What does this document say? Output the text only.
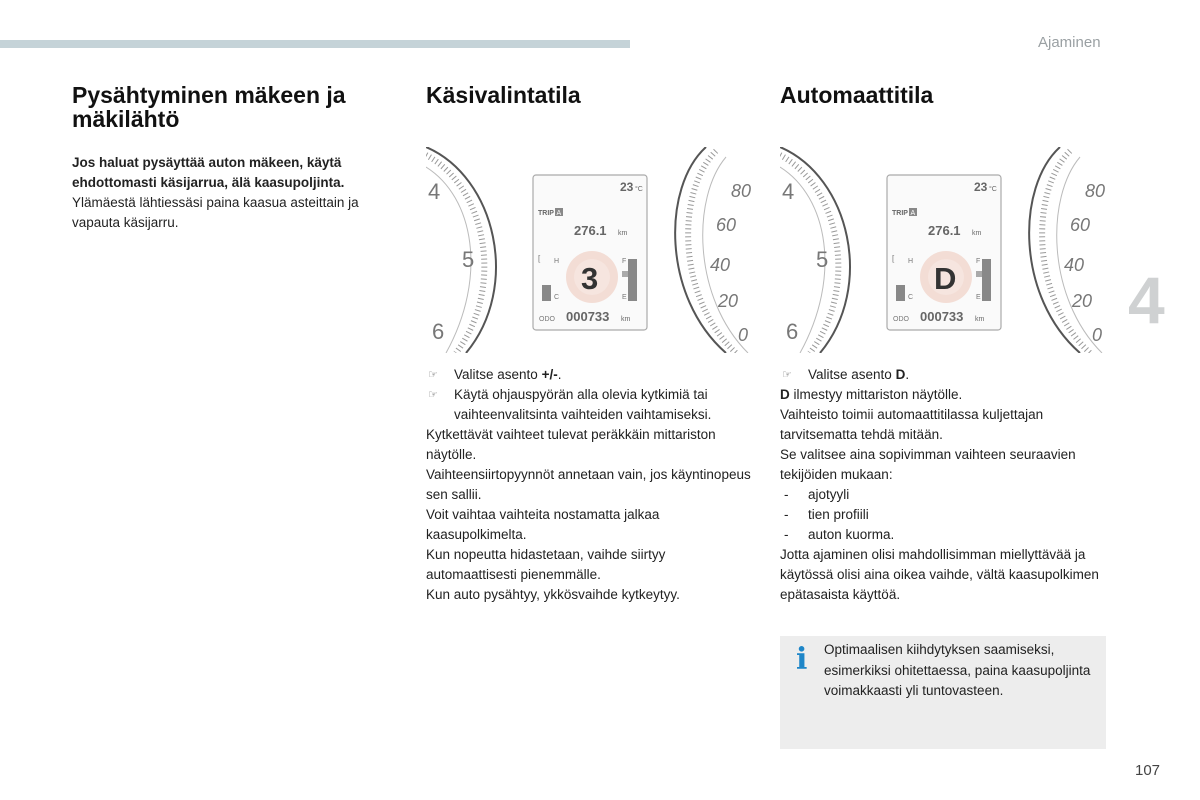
Ajaminen
4
107
Pysähtyminen mäkeen ja mäkilähtö

Jos haluat pysäyttää auton mäkeen, käytä ehdottomasti käsijarrua, älä kaasupoljinta.

Ylämäestä lähtiessäsi paina kaasua asteittain ja vapauta käsijarru.

Käsivalintatila
4
5
6
80
60
40
20
0
23 °C
TRIP A
276.1 km
3
[ H
C
F
E
ODO 000733 km
☞ Valitse asento +/-.
☞ Käytä ohjauspyörän alla olevia kytkimiä tai vaihteenvalitsinta vaihteiden vaihtamiseksi.

Kytkettävät vaihteet tulevat peräkkäin mittariston näytölle.

Vaihteensiirtopyynnöt annetaan vain, jos käyntinopeus sen sallii.

Voit vaihtaa vaihteita nostamatta jalkaa kaasupolkimelta.

Kun nopeutta hidastetaan, vaihde siirtyy automaattisesti pienemmälle.

Kun auto pysähtyy, ykkösvaihde kytkeytyy.

Automaattitila
4
5
6
80
60
40
20
0
23 °C
TRIP A
276.1 km
D
[ H
C
F
E
ODO 000733 km
☞ Valitse asento D.

D ilmestyy mittariston näytölle.

Vaihteisto toimii automaattitilassa kuljettajan tarvitsematta tehdä mitään.

Se valitsee aina sopivimman vaihteen seuraavien tekijöiden mukaan:

- ajotyyli
- tien profiili
- auton kuorma.

Jotta ajaminen olisi mahdollisimman miellyttävää ja käytössä olisi aina oikea vaihde, vältä kaasupolkimen epätasaista käyttöä.

i Optimaalisen kiihdytyksen saamiseksi, esimerkiksi ohitettaessa, paina kaasupoljinta voimakkaasti yli tuntovasteen.
